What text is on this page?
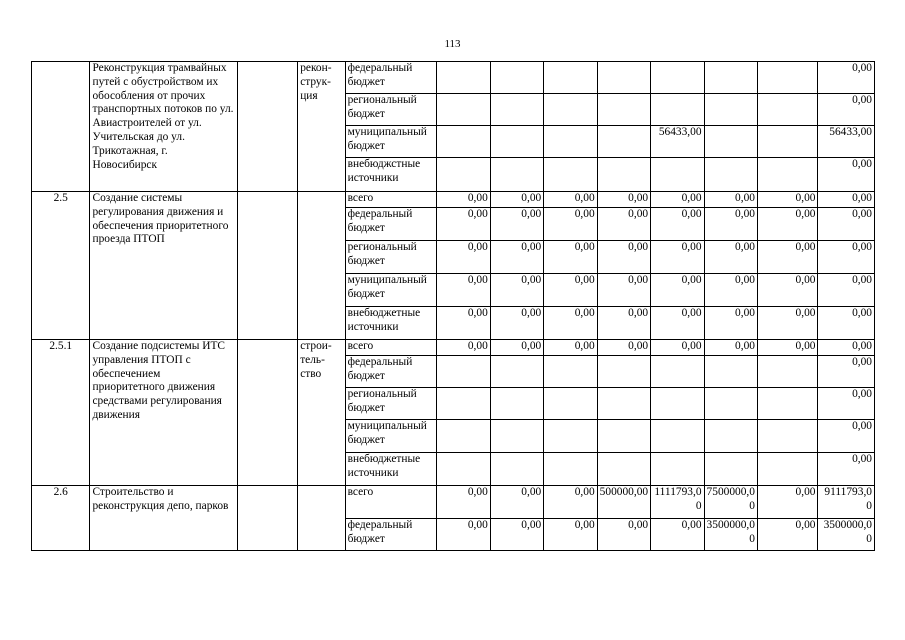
113
	Реконструкция трамвайных путей с обустройством их обособления от прочих транспортных потоков по ул. Авиастроителей от ул. Учительская до ул. Трикотажная, г. Новосибирск		рекон-струк-ция	федеральный бюджет								0,00
				региональный бюджет								0,00
				муниципальный бюджет					56433,00			56433,00
				внебюджстные источники								0,00
2.5	Создание системы регулирования движения и обеспечения приоритетного проезда ПТОП			всего	0,00	0,00	0,00	0,00	0,00	0,00	0,00	0,00
				федеральный бюджет	0,00	0,00	0,00	0,00	0,00	0,00	0,00	0,00
				региональный бюджет	0,00	0,00	0,00	0,00	0,00	0,00	0,00	0,00
				муниципальный бюджет	0,00	0,00	0,00	0,00	0,00	0,00	0,00	0,00
				внебюджетные источники	0,00	0,00	0,00	0,00	0,00	0,00	0,00	0,00
2.5.1	Создание подсистемы ИТС управления ПТОП с обеспечением приоритетного движения средствами регулирования движения		строи-тель-ство	всего	0,00	0,00	0,00	0,00	0,00	0,00	0,00	0,00
				федеральный бюджет								0,00
				региональный бюджет								0,00
				муниципальный бюджет								0,00
				внебюджетные источники								0,00
2.6	Строительство и реконструкция депо, парков			всего	0,00	0,00	0,00	500000,00	1111793,00	7500000,00	0,00	9111793,00
				федеральный бюджет	0,00	0,00	0,00	0,00	0,00	3500000,00	0,00	3500000,00
